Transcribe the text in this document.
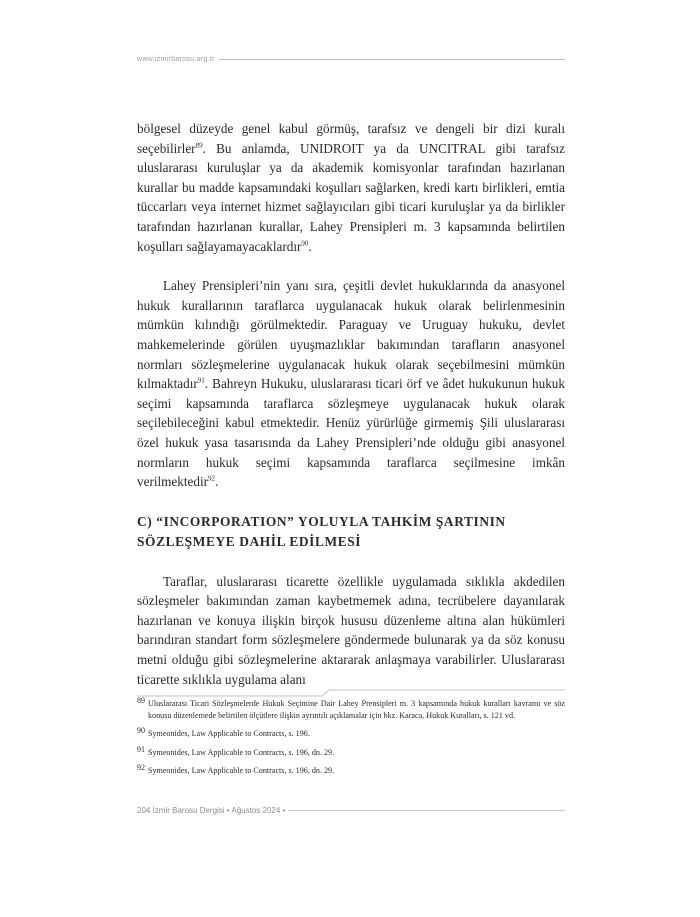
www.izmirbarosu.org.tr

bölgesel düzeyde genel kabul görmüş, tarafsız ve dengeli bir dizi kuralı seçebilirler$^{89}$. Bu anlamda, UNIDROIT ya da UNCITRAL gibi tarafsız uluslararası kuruluşlar ya da akademik komisyonlar tarafından hazırlanan kurallar bu madde kapsamındaki koşulları sağlarken, kredi kartı birlikleri, emtia tüccarları veya internet hizmet sağlayıcıları gibi ticari kuruluşlar ya da birlikler tarafından hazırlanan kurallar, Lahey Prensipleri m. 3 kapsamında belirtilen koşulları sağlayamayacaklardır$^{90}$.

Lahey Prensipleri’nin yanı sıra, çeşitli devlet hukuklarında da anasyonel hukuk kurallarının taraflarca uygulanacak hukuk olarak belirlenmesinin mümkün kılındığı görülmektedir. Paraguay ve Uruguay hukuku, devlet mahkemelerinde görülen uyuşmazlıklar bakımından tarafların anasyonel normları sözleşmelerine uygulanacak hukuk olarak seçebilmesini mümkün kılmaktadır$^{91}$. Bahreyn Hukuku, uluslararası ticari örf ve âdet hukukunun hukuk seçimi kapsamında taraflarca sözleşmeye uygulanacak hukuk olarak seçilebileceğini kabul etmektedir. Henüz yürürlüğe girmemiş Şili uluslararası özel hukuk yasa tasarısında da Lahey Prensipleri’nde olduğu gibi anasyonel normların hukuk seçimi kapsamında taraflarca seçilmesine imkân verilmektedir$^{92}$.

C) “INCORPORATION” YOLUYLA TAHKİM ŞARTININ
SÖZLEŞMEYE DAHİL EDİLMESİ

Taraflar, uluslararası ticarette özellikle uygulamada sıklıkla akdedilen sözleşmeler bakımından zaman kaybetmemek adına, tecrübelere dayanılarak hazırlanan ve konuya ilişkin birçok hususu düzenleme altına alan hükümleri barındıran standart form sözleşmelere göndermede bulunarak ya da söz konusu metni olduğu gibi sözleşmelerine aktararak anlaşmaya varabilirler. Uluslararası ticarette sıklıkla uygulama alanı

89 Uluslararası Ticari Sözleşmelerde Hukuk Seçimine Dair Lahey Prensipleri m. 3 kapsamında hukuk kuralları kavramı ve söz konusu düzenlemede belirtilen ölçütlere ilişkin ayrıntılı açıklamalar için bkz. Karaca, Hukuk Kuralları, s. 121 vd.
90 Symeonides, Law Applicable to Contracts, s. 196.
91 Symeonides, Law Applicable to Contracts, s. 196, dn. 29.
92 Symeonides, Law Applicable to Contracts, s. 196, dn. 29.
204 İzmir Barosu Dergisi • Ağustos 2024 •
